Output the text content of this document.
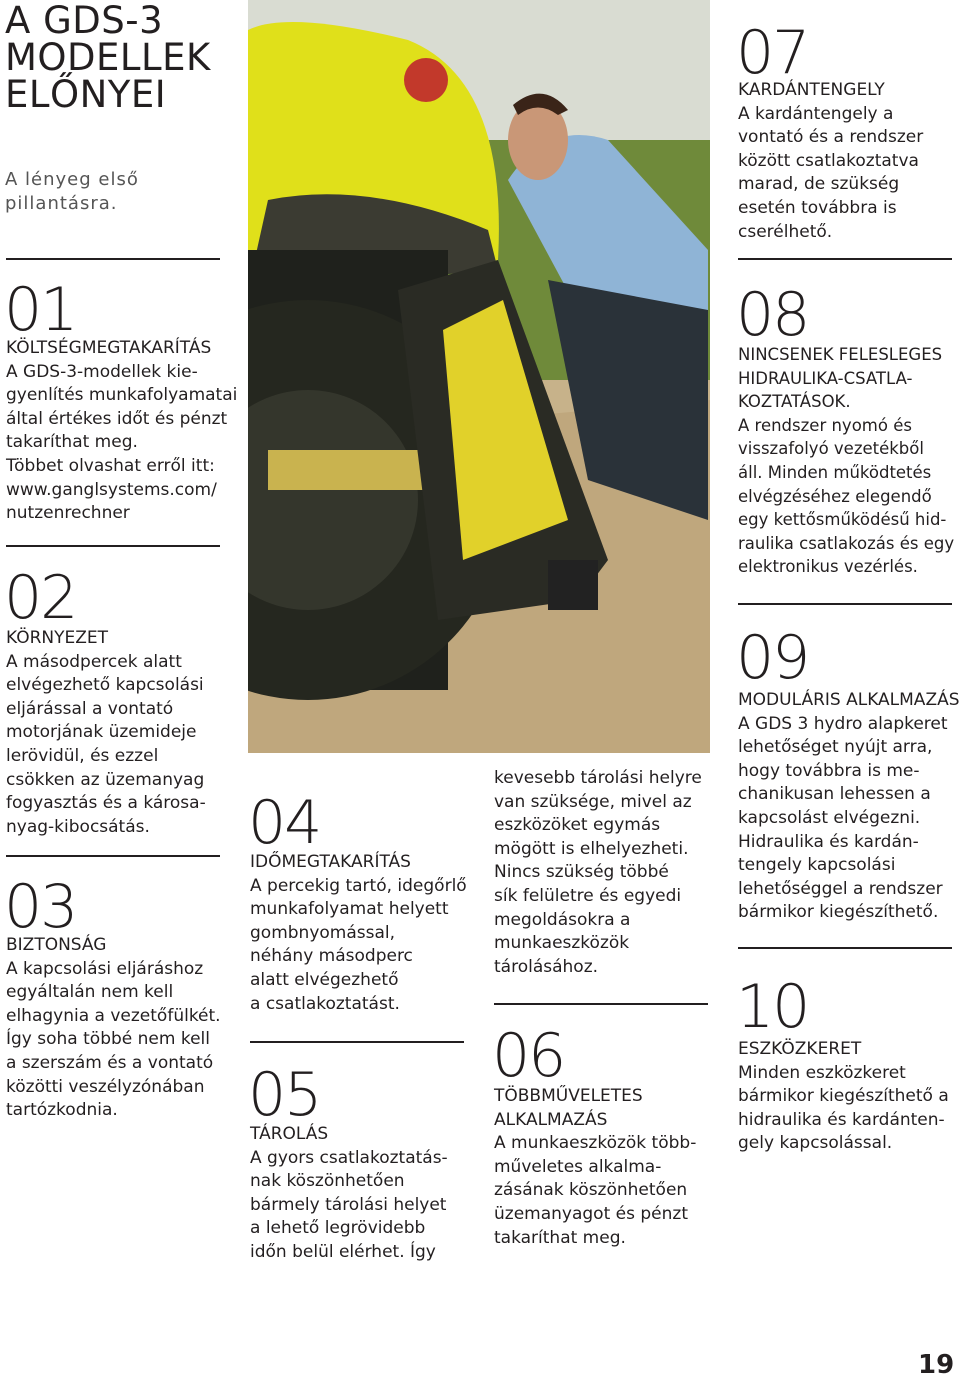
A GDS-3
MODELLEK
ELŐNYEI
A lényeg első
pillantásra.
01
KÖLTSÉGMEGTAKARÍTÁS
A GDS-3-modellek kie-
gyenlítés munkafolyamatai
által értékes időt és pénzt
takaríthat meg.
Többet olvashat erről itt:
www.ganglsystems.com/
nutzenrechner
02
KÖRNYEZET
A másodpercek alatt
elvégezhető kapcsolási
eljárással a vontató
motorjának üzemideje
lerövidül, és ezzel
csökken az üzemanyag
fogyasztás és a károsa-
nyag-kibocsátás.
03
BIZTONSÁG
A kapcsolási eljáráshoz
egyáltalán nem kell
elhagynia a vezetőfülkét.
Így soha többé nem kell
a szerszám és a vontató
közötti veszélyzónában
tartózkodnia.
04
IDŐMEGTAKARÍTÁS
A percekig tartó, idegőrlő
munkafolyamat helyett
gombnyomással,
néhány másodperc
alatt elvégezhető
a csatlakoztatást.
05
TÁROLÁS
A gyors csatlakoztatás-
nak köszönhetően
bármely tárolási helyet
a lehető legrövidebb
időn belül elérhet. Így
kevesebb tárolási helyre
van szüksége, mivel az
eszközöket egymás
mögött is elhelyezheti.
Nincs szükség többé
sík felületre és egyedi
megoldásokra a
munkaeszközök
tárolásához.
06
TÖBBMŰVELETES
ALKALMAZÁS
A munkaeszközök több-
műveletes alkalma-
zásának köszönhetően
üzemanyagot és pénzt
takaríthat meg.
07
KARDÁNTENGELY
A kardántengely a
vontató és a rendszer
között csatlakoztatva
marad, de szükség
esetén továbbra is
cserélhető.
08
NINCSENEK FELESLEGES
HIDRAULIKA-CSATLA-
KOZTATÁSOK.
A rendszer nyomó és
visszafolyó vezetékből
áll. Minden működtetés
elvégzéséhez elegendő
egy kettősműködésű hid-
raulika csatlakozás és egy
elektronikus vezérlés.
09
MODULÁRIS ALKALMAZÁS
A GDS 3 hydro alapkeret
lehetőséget nyújt arra,
hogy továbbra is me-
chanikusan lehessen a
kapcsolást elvégezni.
Hidraulika és kardán-
tengely kapcsolási
lehetőséggel a rendszer
bármikor kiegészíthető.
10
ESZKÖZKERET
Minden eszközkeret
bármikor kiegészíthető a
hidraulika és kardánten-
gely kapcsolással.
19
